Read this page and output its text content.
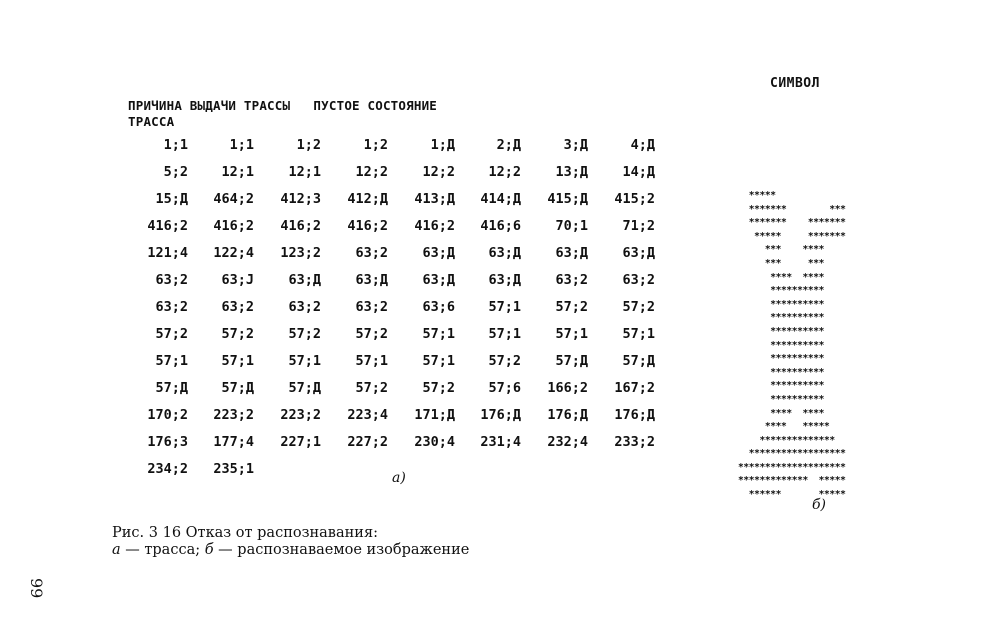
СИМВОЛ
ПРИЧИНА ВЫДАЧИ ТРАССЫ   ПУСТОЕ СОСТОЯНИЕ
ТРАССА
1;1	1;1	1;2	1;2	1;Д	2;Д	3;Д	4;Д
5;2	12;1	12;1	12;2	12;2	12;2	13;Д	14;Д
15;Д	464;2	412;3	412;Д	413;Д	414;Д	415;Д	415;2
416;2	416;2	416;2	416;2	416;2	416;6	70;1	71;2
121;4	122;4	123;2	63;2	63;Д	63;Д	63;Д	63;Д
63;2	63;J	63;Д	63;Д	63;Д	63;Д	63;2	63;2
63;2	63;2	63;2	63;2	63;6	57;1	57;2	57;2
57;2	57;2	57;2	57;2	57;1	57;1	57;1	57;1
57;1	57;1	57;1	57;1	57;1	57;2	57;Д	57;Д
57;Д	57;Д	57;Д	57;2	57;2	57;6	166;2	167;2
170;2	223;2	223;2	223;4	171;Д	176;Д	176;Д	176;Д
176;3	177;4	227;1	227;2	230;4	231;4	232;4	233;2
234;2	235;1
а)
*****
*******        ***
*******    *******
*****     *******
***    ****
***     ***
****  ****
**********
**********
**********
**********
**********
**********
**********
**********
**********
****  ****
****   *****
**************
******************
********************
*************  *****
******       *****
б)
Рис. 3 16 Отказ от распознавания:
а — трасса; б — распознаваемое изображение
99
